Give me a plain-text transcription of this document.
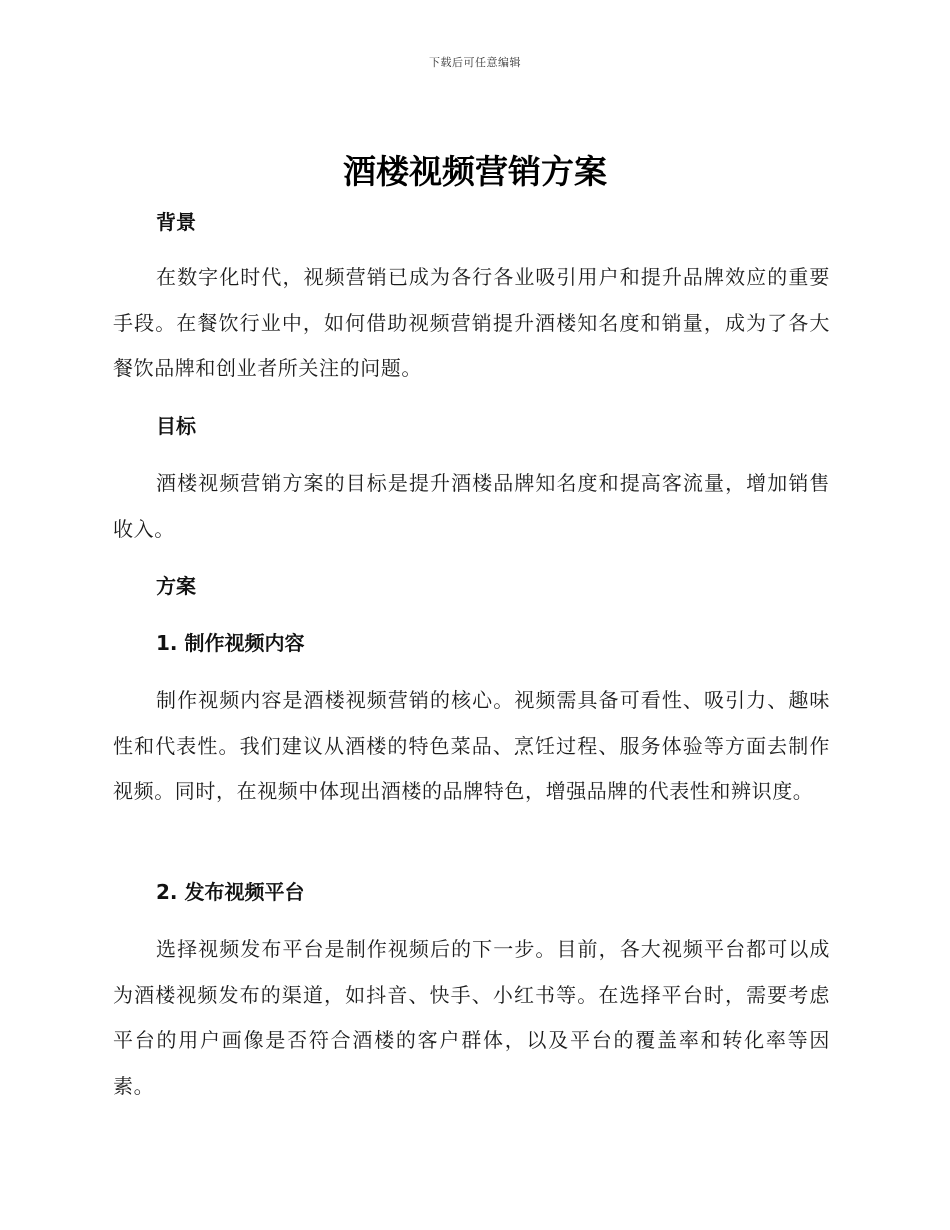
下载后可任意编辑
酒楼视频营销方案
背景

在数字化时代，视频营销已成为各行各业吸引用户和提升品牌效应的重要手段。在餐饮行业中，如何借助视频营销提升酒楼知名度和销量，成为了各大餐饮品牌和创业者所关注的问题。

目标

酒楼视频营销方案的目标是提升酒楼品牌知名度和提高客流量，增加销售收入。

方案
1. 制作视频内容

制作视频内容是酒楼视频营销的核心。视频需具备可看性、吸引力、趣味性和代表性。我们建议从酒楼的特色菜品、烹饪过程、服务体验等方面去制作视频。同时，在视频中体现出酒楼的品牌特色，增强品牌的代表性和辨识度。

2. 发布视频平台

选择视频发布平台是制作视频后的下一步。目前，各大视频平台都可以成为酒楼视频发布的渠道，如抖音、快手、小红书等。在选择平台时，需要考虑平台的用户画像是否符合酒楼的客户群体，以及平台的覆盖率和转化率等因素。
